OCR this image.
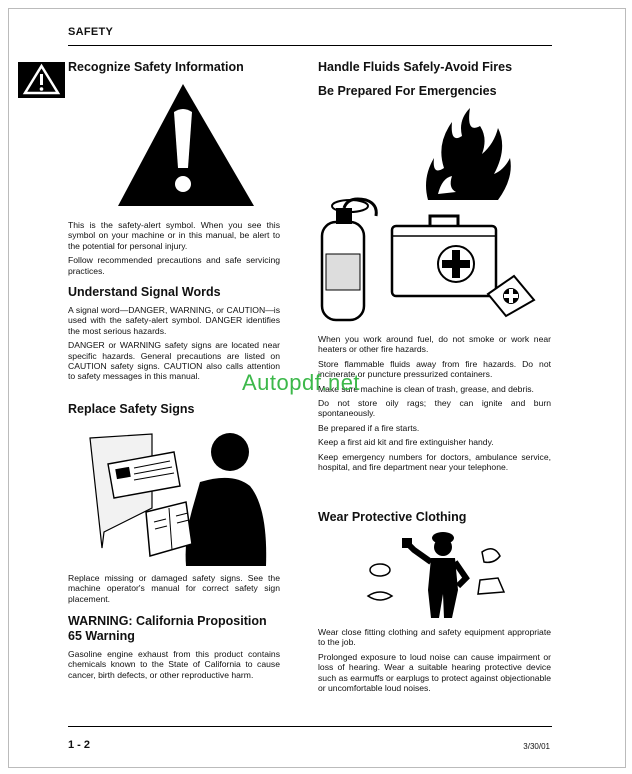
SAFETY
Recognize Safety Information

This is the safety-alert symbol. When you see this symbol on your machine or in this manual, be alert to the potential for personal injury.

Follow recommended precautions and safe servicing practices.

Understand Signal Words

A signal word—DANGER, WARNING, or CAUTION—is used with the safety-alert symbol. DANGER identifies the most serious hazards.

DANGER or WARNING safety signs are located near specific hazards. General precautions are listed on CAUTION safety signs. CAUTION also calls attention to safety messages in this manual.

Replace Safety Signs

Replace missing or damaged safety signs. See the machine operator's manual for correct safety sign placement.

WARNING: California Proposition 65 Warning

Gasoline engine exhaust from this product contains chemicals known to the State of California to cause cancer, birth defects, or other reproductive harm.

Handle Fluids Safely-Avoid Fires
Be Prepared For Emergencies

When you work around fuel, do not smoke or work near heaters or other fire hazards.

Store flammable fluids away from fire hazards. Do not incinerate or puncture pressurized containers.

Make sure machine is clean of trash, grease, and debris.

Do not store oily rags; they can ignite and burn spontaneously.

Be prepared if a fire starts.

Keep a first aid kit and fire extinguisher handy.

Keep emergency numbers for doctors, ambulance service, hospital, and fire department near your telephone.

Wear Protective Clothing

Wear close fitting clothing and safety equipment appropriate to the job.

Prolonged exposure to loud noise can cause impairment or loss of hearing. Wear a suitable hearing protective device such as earmuffs or earplugs to protect against objectionable or uncomfortable loud noises.

Autopdf.net
1 - 2	3/30/01
